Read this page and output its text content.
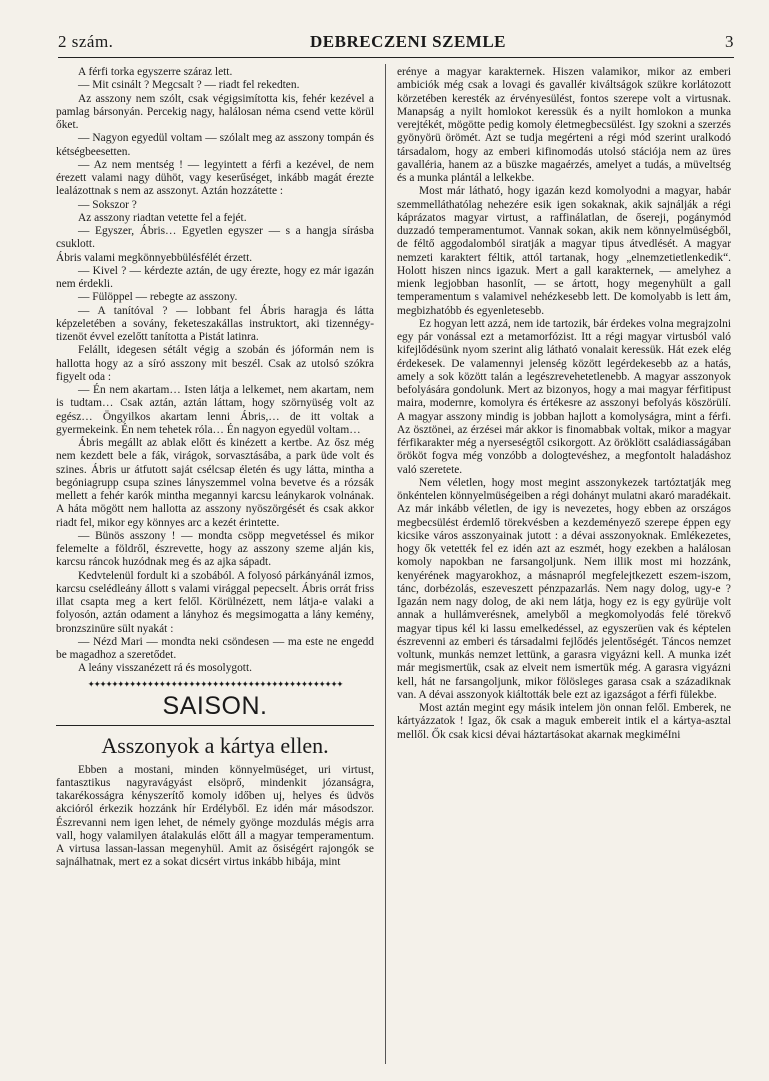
2 szám.	DEBRECZENI SZEMLE	3

A férfi torka egyszerre száraz lett.

— Mit csinált ? Megcsalt ? — riadt fel rekedten.

Az asszony nem szólt, csak végigsimította kis, fehér kezével a pamlag bársonyán. Percekig nagy, halálosan néma csend vette körül őket.

— Nagyon egyedül voltam — szólalt meg az asszony tompán és kétségbeesetten.

— Az nem mentség ! — legyintett a férfi a kezével, de nem érezett valami nagy dühöt, vagy keserűséget, inkább magát érezte lealázottnak s nem az asszonyt. Aztán hozzátette :

— Sokszor ?

Az asszony riadtan vetette fel a fejét.

— Egyszer, Ábris… Egyetlen egyszer — s a hangja sírásba csuklott.

Ábris valami megkönnyebbülésfélét érzett.

— Kivel ? — kérdezte aztán, de ugy érezte, hogy ez már igazán nem érdekli.

— Fülöppel — rebegte az asszony.

— A tanítóval ? — lobbant fel Ábris haragja és látta képzeletében a sovány, feketeszakállas instruktort, aki tizennégy-tizenöt évvel ezelőtt tanította a Pistát latinra.

Felállt, idegesen sétált végig a szobán és jóformán nem is hallotta hogy az a síró asszony mit beszél. Csak az utolsó szókra figyelt oda :

— Én nem akartam… Isten látja a lelkemet, nem akartam, nem is tudtam… Csak aztán, aztán láttam, hogy szörnyüség volt az egész… Öngyilkos akartam lenni Ábris,… de itt voltak a gyermekeink. Én nem tehetek róla… Én nagyon egyedül voltam…

Ábris megállt az ablak előtt és kinézett a kertbe. Az ősz még nem kezdett bele a fák, virágok, sorvasztásába, a park üde volt és szines. Ábris ur átfutott saját csélcsap életén és ugy látta, mintha a begóniagrupp csupa szines lányszemmel volna bevetve és a rózsák mellett a fehér karók mintha megannyi karcsu leánykarok volnának. A háta mögött nem hallotta az asszony nyöszörgését és csak akkor riadt fel, mikor egy könnyes arc a kezét érintette.

— Bünös asszony ! — mondta csöpp megvetéssel és mikor felemelte a földről, észrevette, hogy az asszony szeme alján kis, karcsu ráncok huzódnak meg és az ajka sápadt.

Kedvtelenül fordult ki a szobából. A folyosó párkányánál izmos, karcsu cselédleány állott s valami virággal pepecselt. Ábris orrát friss illat csapta meg a kert felől. Körülnézett, nem látja-e valaki a folyosón, aztán odament a lányhoz és megsimogatta a lány kemény, bronzszinüre sült nyakát :

— Nézd Mari — mondta neki csöndesen — ma este ne engedd be magadhoz a szeretődet.

A leány visszanézett rá és mosolygott.

✦✦✦✦✦✦✦✦✦✦✦✦✦✦✦✦✦✦✦✦✦✦✦✦✦✦✦✦✦✦✦✦✦✦✦✦✦✦✦✦✦✦✦
SAISON.
Asszonyok a kártya ellen.

Ebben a mostani, minden könnyelmüséget, uri virtust, fantasztikus nagyravágyást elsöprő, mindenkit józanságra, takarékosságra kényszerítő komoly időben uj, helyes és üdvös akcióról érkezik hozzánk hír Erdélyből. Ez idén már másodszor. Észrevanni nem igen lehet, de némely gyönge mozdulás mégis arra vall, hogy valamilyen átalakulás előtt áll a magyar temperamentum. A virtusa lassan-lassan megenyhül. Amit az ősiségért rajongók se sajnálhatnak, mert ez a sokat dicsért virtus inkább hibája, mint

erénye a magyar karakternek. Hiszen valamikor, mikor az emberi ambiciók még csak a lovagi és gavallér kiváltságok szükre korlátozott körzetében keresték az érvényesülést, fontos szerepe volt a virtusnak. Manapság a nyilt homlokot keressük és a nyilt homlokon a munka verejtékét, mögötte pedig komoly életmegbecsülést. Igy szokni a szerzés gyönyörü örömét. Azt se tudja megérteni a régi mód szerint uralkodó társadalom, hogy az emberi kifinomodás utolsó stációja nem az üres gavalléria, hanem az a büszke magaérzés, amelyet a tudás, a müveltség és a munka plántál a lelkekbe.

Most már látható, hogy igazán kezd komolyodni a magyar, habár szemmelláthatólag nehezére esik igen sokaknak, akik sajnálják a régi káprázatos magyar virtust, a raffinálatlan, de ősereji, pogánymód duzzadó temperamentumot. Vannak sokan, akik nem könnyelmüségből, de féltő aggodalomból siratják a magyar tipus átvedlését. A magyar nemzeti karaktert féltik, attól tartanak, hogy „elnemzetietlenkedik“. Holott hiszen nincs igazuk. Mert a gall karakternek, — amelyhez a mienk legjobban hasonlít, — se ártott, hogy megenyhült a gall temperamentum s valamivel nehézkesebb lett. De komolyabb is lett ám, megbizhatóbb és egyenletesebb.

Ez hogyan lett azzá, nem ide tartozik, bár érdekes volna megrajzolni egy pár vonással ezt a metamorfózist. Itt a régi magyar virtusból való kifejlődésünk nyom szerint alig látható vonalait keressük. Hát ezek elég érdekesek. De valamennyi jelenség között legérdekesebb az a hatás, amely a sok között talán a legészrevehetetlenebb. A magyar asszonyok befolyására gondolunk. Mert az bizonyos, hogy a mai magyar férfitipust maira, modernre, komolyra és értékesre az asszonyi befolyás köszörülí. A magyar asszony mindig is jobban hajlott a komolyságra, mint a férfi. Az ösztönei, az érzései már akkor is finomabbak voltak, mikor a magyar férfikarakter még a nyerseségtől csikorgott. Az öröklött családiasságában örököt fogva még vonzóbb a dologtevéshez, a megfontolt haladáshoz való szeretete.

Nem véletlen, hogy most megint asszonykezek tartóztatják meg önkéntelen könnyelmüségeiben a régi dohányt mulatni akaró maradékait. Az már inkább véletlen, de igy is nevezetes, hogy ebben az országos megbecsülést érdemlő törekvésben a kezdeményező szerepe éppen egy kicsike város asszonyainak jutott : a dévai asszonyoknak. Emlékezetes, hogy ők vetették fel ez idén azt az eszmét, hogy ezekben a halálosan komoly napokban ne farsangoljunk. Nem illik most mi hozzánk, kenyérének magyarokhoz, a másnapról megfelejtkezett eszem-iszom, tánc, dorbézolás, eszeveszett pénzpazarlás. Nem nagy dolog, ugy-e ? Igazán nem nagy dolog, de aki nem látja, hogy ez is egy gyürüje volt annak a hullámverésnek, amelyből a megkomolyodás felé törekvő magyar tipus kél ki lassu emelkedéssel, az egyszerüen vak és képtelen észrevenni az emberi és társadalmi fejlődés jelentőségét. Táncos nemzet voltunk, munkás nemzet lettünk, a garasra vigyázni kell. A munka izét már megismertük, csak az elveit nem ismertük még. A garasra vigyázni kell, hát ne farsangoljunk, mikor fölösleges garasa csak a századiknak van. A dévai asszonyok kiáltották bele ezt az igazságot a férfi fülekbe.

Most aztán megint egy másik intelem jön onnan felől. Emberek, ne kártyázzatok ! Igaz, ők csak a maguk embereit intik el a kártya-asztal mellől. Ők csak kicsi dévai háztartásokat akarnak megkiméIni
